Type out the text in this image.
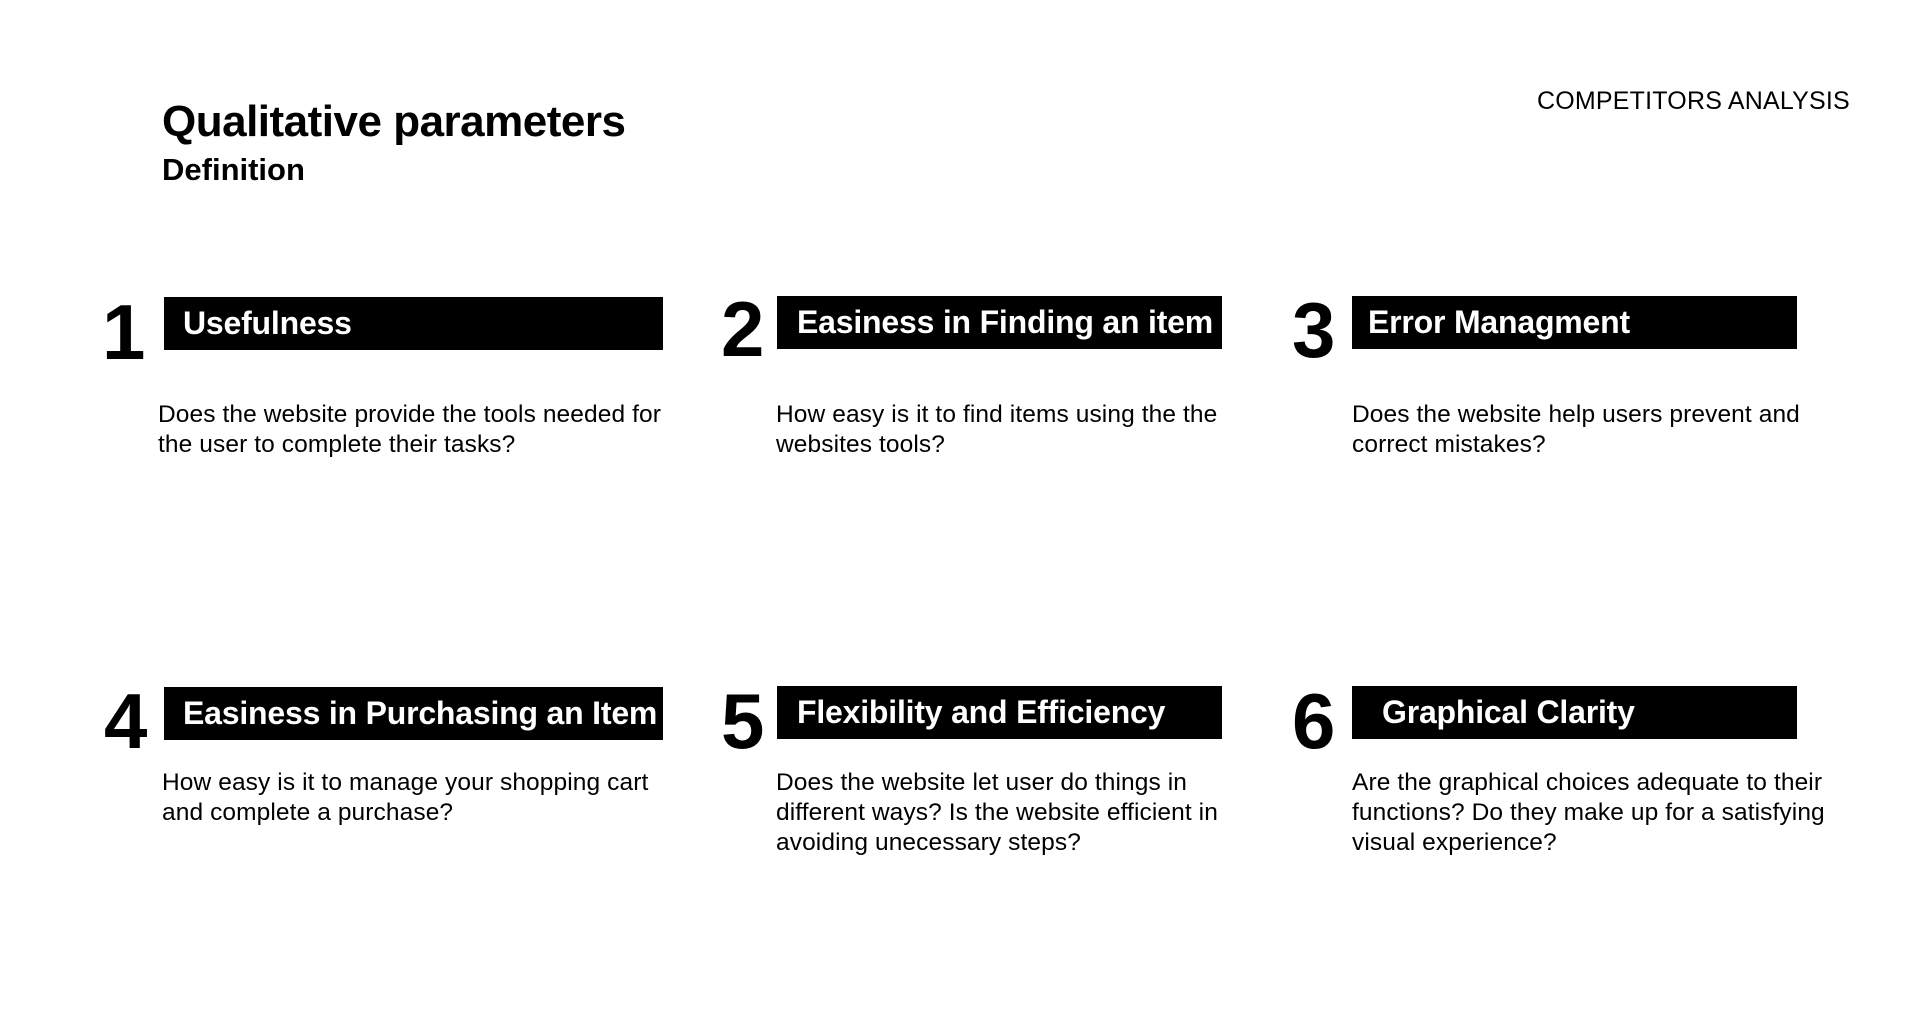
Qualitative parameters
Definition
COMPETITORS ANALYSIS
1 Usefulness

Does the website provide the tools needed for the user to complete their tasks?

2 Easiness in Finding an item

How easy is it to find items using the the websites tools?

3 Error Managment

Does the website help users prevent and correct mistakes?

4 Easiness in Purchasing an Item

How easy is it to manage your shopping cart and complete a purchase?

5 Flexibility and Efficiency

Does the website let user do things in different ways? Is the website efficient in avoiding unecessary steps?

6 Graphical Clarity

Are the graphical choices adequate to their functions? Do they make up for a satisfying visual experience?
